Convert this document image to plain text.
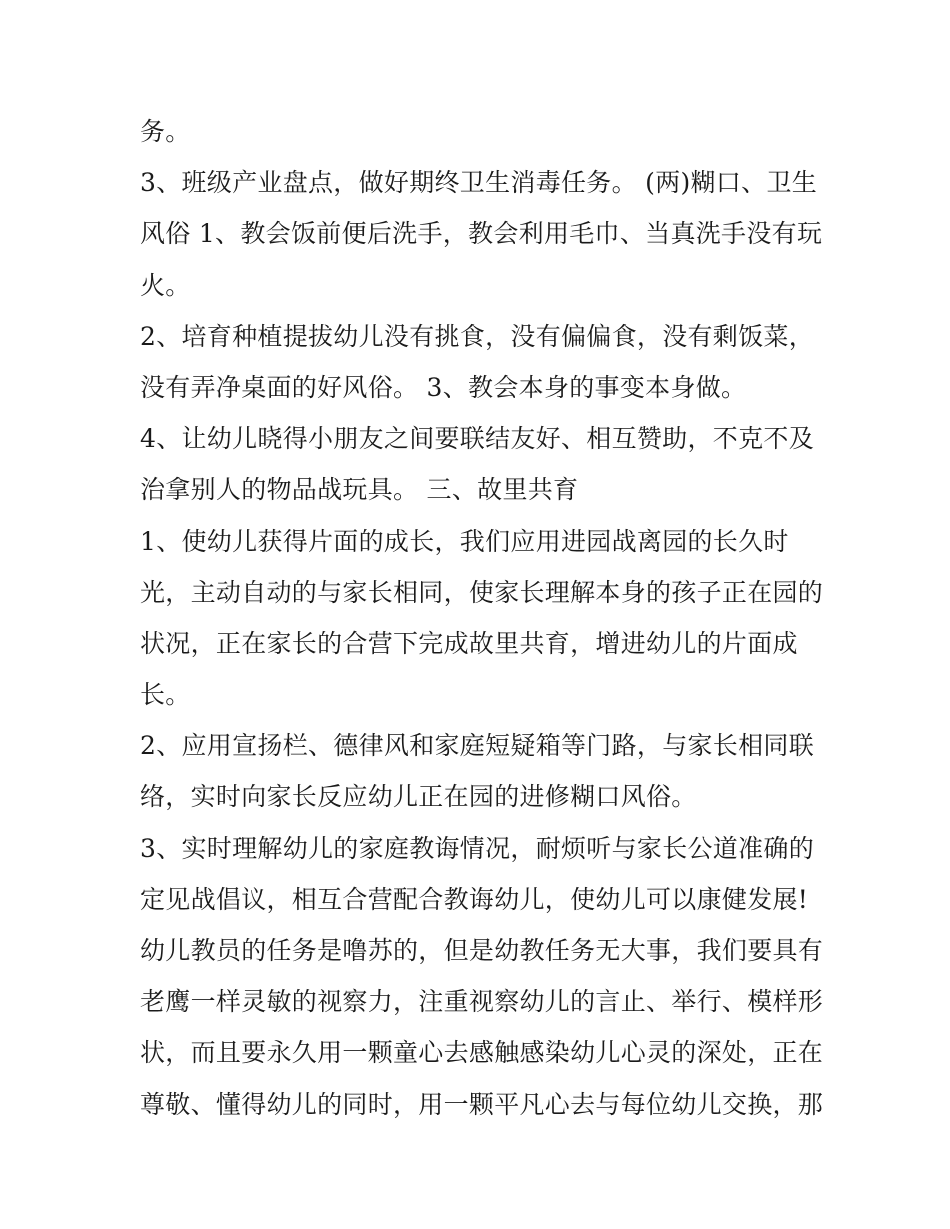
务。
3、班级产业盘点，做好期终卫生消毒任务。 (两)糊口、卫生
风俗 1、教会饭前便后洗手，教会利用毛巾、当真洗手没有玩
火。
2、培育种植提拔幼儿没有挑食，没有偏偏食，没有剩饭菜，
没有弄净桌面的好风俗。 3、教会本身的事变本身做。
4、让幼儿晓得小朋友之间要联结友好、相互赞助，不克不及
治拿别人的物品战玩具。 三、故里共育
1、使幼儿获得片面的成长，我们应用进园战离园的长久时
光，主动自动的与家长相同，使家长理解本身的孩子正在园的
状况，正在家长的合营下完成故里共育，增进幼儿的片面成
长。
2、应用宣扬栏、德律风和家庭短疑箱等门路，与家长相同联
络，实时向家长反应幼儿正在园的进修糊口风俗。
3、实时理解幼儿的家庭教诲情况，耐烦听与家长公道准确的
定见战倡议，相互合营配合教诲幼儿，使幼儿可以康健发展!
幼儿教员的任务是噜苏的，但是幼教任务无大事，我们要具有
老鹰一样灵敏的视察力，注重视察幼儿的言止、举行、模样形
状，而且要永久用一颗童心去感触感染幼儿心灵的深处，正在
尊敬、懂得幼儿的同时，用一颗平凡心去与每位幼儿交换，那
